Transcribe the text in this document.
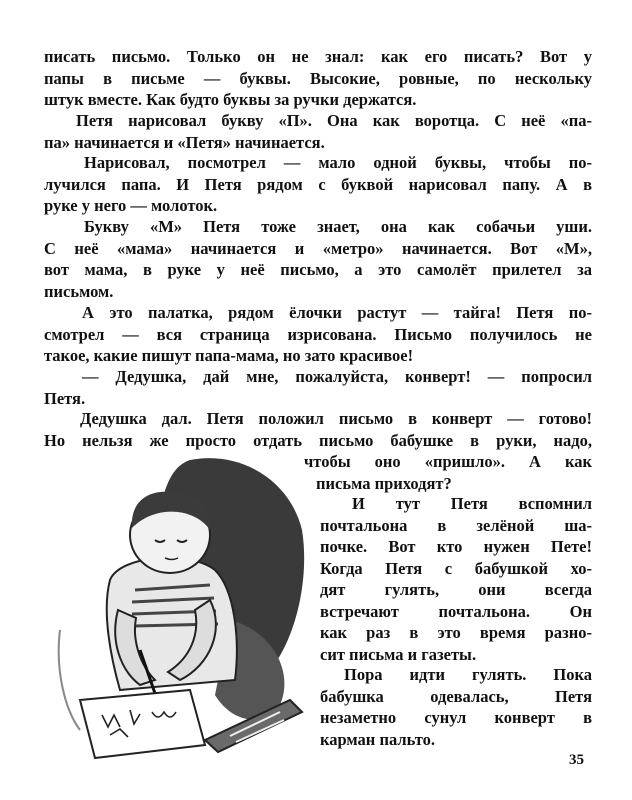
писать письмо. Только он не знал: как его писать? Вот у
папы в письме — буквы. Высокие, ровные, по нескольку
штук вместе. Как будто буквы за ручки держатся.

Петя нарисовал букву «П». Она как воротца. С неё «па-
па» начинается и «Петя» начинается.

Нарисовал, посмотрел — мало одной буквы, чтобы по-
лучился папа. И Петя рядом с буквой нарисовал папу. А в
руке у него — молоток.

Букву «М» Петя тоже знает, она как собачьи уши.
С неё «мама» начинается и «метро» начинается. Вот «М»,
вот мама, в руке у неё письмо, а это самолёт прилетел за
письмом.

А это палатка, рядом ёлочки растут — тайга! Петя по-
смотрел — вся страница изрисована. Письмо получилось не
такое, какие пишут папа-мама, но зато красивое!

— Дедушка, дай мне, пожалуйста, конверт! — попросил
Петя.

Дедушка дал. Петя положил письмо в конверт — готово!
Но нельзя же просто отдать письмо бабушке в руки, надо,

чтобы оно «пришло». А как
письма приходят?

И тут Петя вспомнил
почтальона в зелёной ша-
почке. Вот кто нужен Пете!
Когда Петя с бабушкой хо-
дят гулять, они всегда
встречают почтальона. Он
как раз в это время разно-
сит письма и газеты.

Пора идти гулять. Пока
бабушка одевалась, Петя
незаметно сунул конверт в
карман пальто.

35
